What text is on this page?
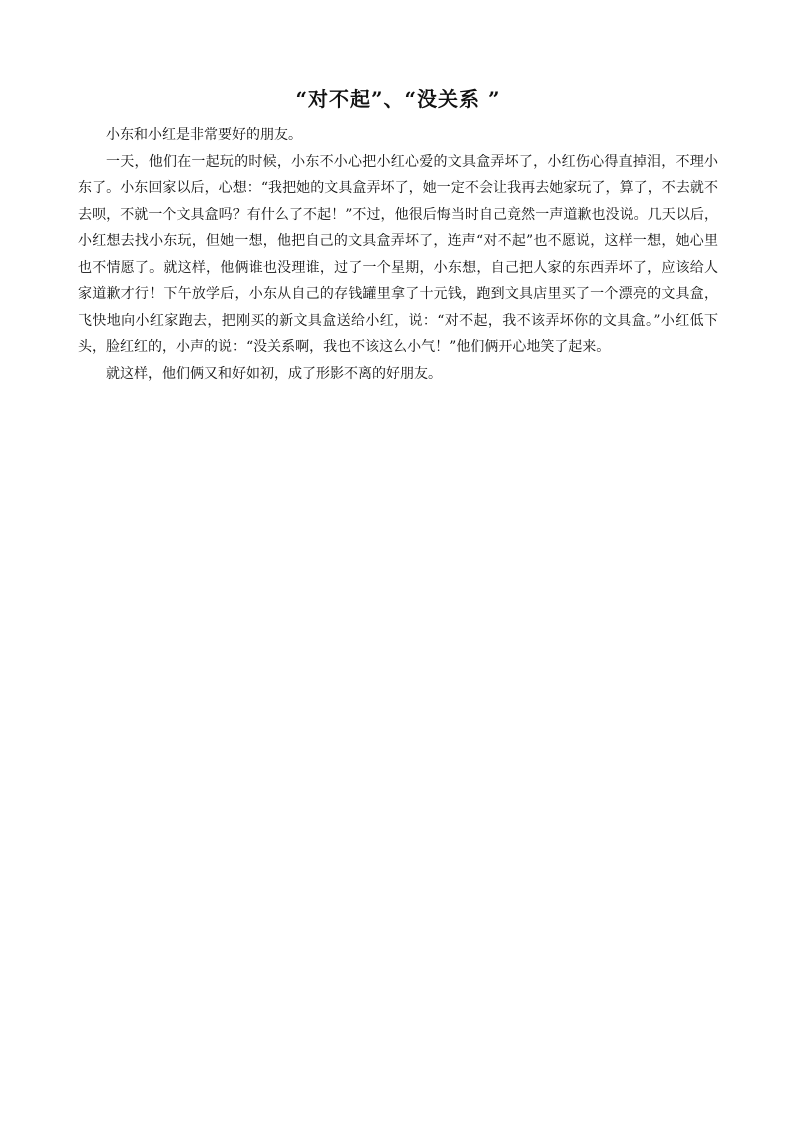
“对不起”、“没关系 ”

小东和小红是非常要好的朋友。

一天，他们在一起玩的时候，小东不小心把小红心爱的文具盒弄坏了，小红伤心得直掉泪，不理小东了。小东回家以后，心想：“我把她的文具盒弄坏了，她一定不会让我再去她家玩了，算了，不去就不去呗，不就一个文具盒吗？有什么了不起！”不过，他很后悔当时自己竟然一声道歉也没说。几天以后，小红想去找小东玩，但她一想，他把自己的文具盒弄坏了，连声“对不起”也不愿说，这样一想，她心里也不情愿了。就这样，他俩谁也没理谁，过了一个星期，小东想，自己把人家的东西弄坏了，应该给人家道歉才行！下午放学后，小东从自己的存钱罐里拿了十元钱，跑到文具店里买了一个漂亮的文具盒，飞快地向小红家跑去，把刚买的新文具盒送给小红，说：“对不起，我不该弄坏你的文具盒。”小红低下头，脸红红的，小声的说：“没关系啊，我也不该这么小气！”他们俩开心地笑了起来。

就这样，他们俩又和好如初，成了形影不离的好朋友。
